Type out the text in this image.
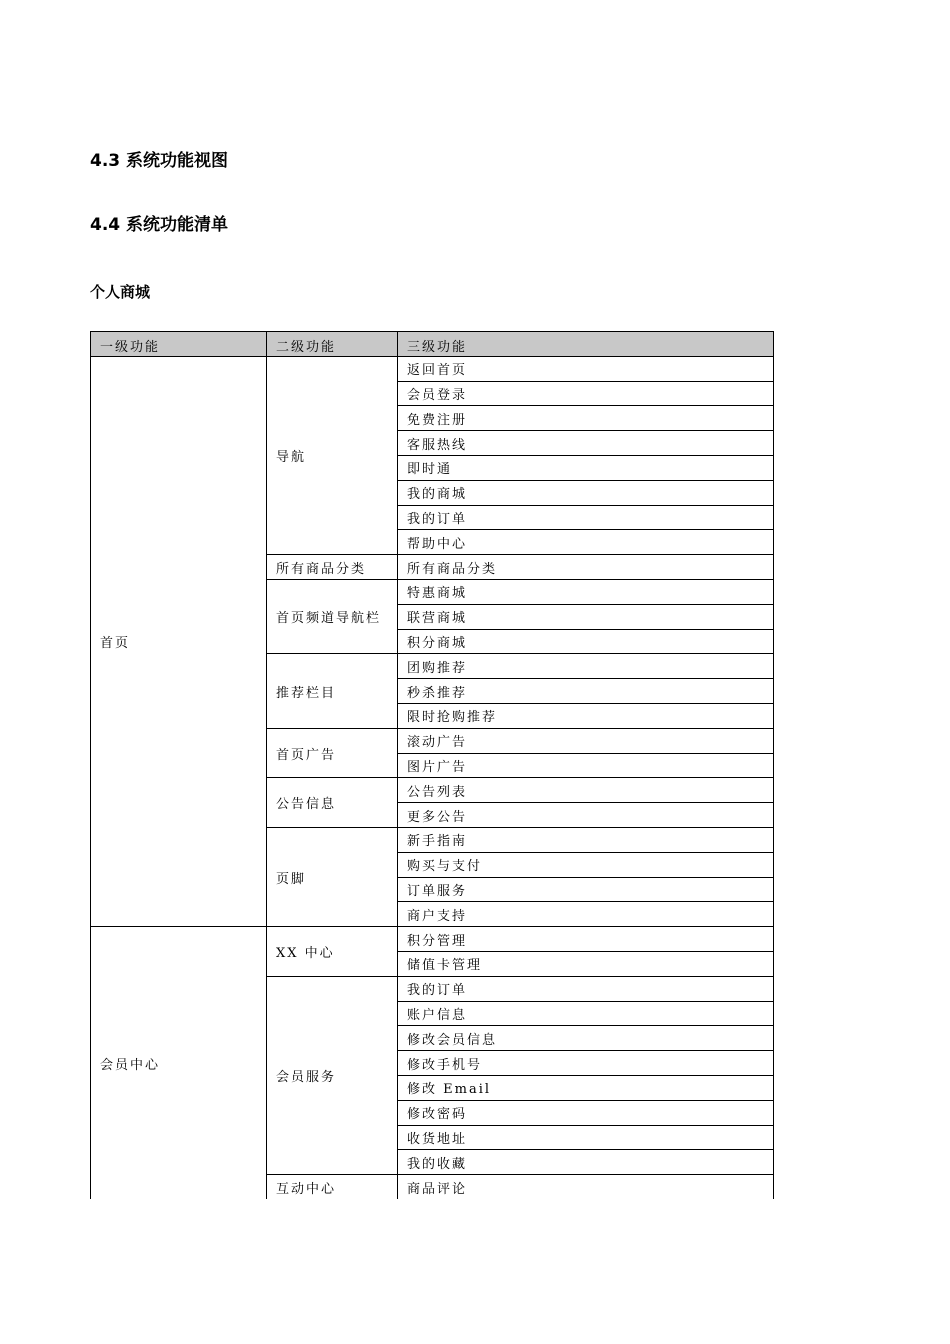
4.3 系统功能视图
4.4 系统功能清单
个人商城
一级功能	二级功能	三级功能
首页	导航	返回首页
		会员登录
		免费注册
		客服热线
		即时通
		我的商城
		我的订单
		帮助中心
	所有商品分类	所有商品分类
	首页频道导航栏	特惠商城
		联营商城
		积分商城
	推荐栏目	团购推荐
		秒杀推荐
		限时抢购推荐
	首页广告	滚动广告
		图片广告
	公告信息	公告列表
		更多公告
	页脚	新手指南
		购买与支付
		订单服务
		商户支持
会员中心	XX 中心	积分管理
		储值卡管理
	会员服务	我的订单
		账户信息
		修改会员信息
		修改手机号
		修改 Email
		修改密码
		收货地址
		我的收藏
	互动中心	商品评论
